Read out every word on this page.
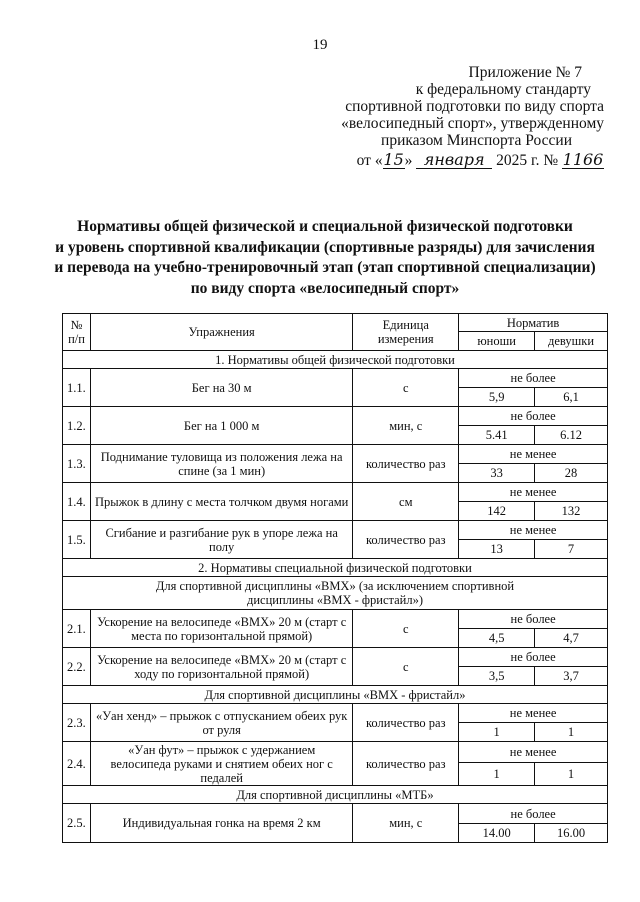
19
Приложение № 7
к федеральному стандарту
спортивной подготовки по виду спорта
«велосипедный спорт», утвержденному
приказом Минспорта России
от «15» января 2025 г. № 1166
Нормативы общей физической и специальной физической подготовки
и уровень спортивной квалификации (спортивные разряды) для зачисления
и перевода на учебно-тренировочный этап (этап спортивной специализации)
по виду спорта «велосипедный спорт»
№ п/п	Упражнения	Единица измерения	Норматив	
			юноши	девушки
1. Нормативы общей физической подготовки				
1.1.	Бег на 30 м	с	не более	
			5,9	6,1
1.2.	Бег на 1 000 м	мин, с	не более	
			5.41	6.12
1.3.	Поднимание туловища из положения лежа на спине (за 1 мин)	количество раз	не менее	
			33	28
1.4.	Прыжок в длину с места толчком двумя ногами	см	не менее	
			142	132
1.5.	Сгибание и разгибание рук в упоре лежа на полу	количество раз	не менее	
			13	7
2. Нормативы специальной физической подготовки				
Для спортивной дисциплины «BMX» (за исключением спортивной дисциплины «BMX - фристайл»)				
2.1.	Ускорение на велосипеде «BMX» 20 м (старт с места по горизонтальной прямой)	с	не более	
			4,5	4,7
2.2.	Ускорение на велосипеде «BMX» 20 м (старт с ходу по горизонтальной прямой)	с	не более	
			3,5	3,7
Для спортивной дисциплины «BMX - фристайл»				
2.3.	«Уан хенд» – прыжок с отпусканием обеих рук от руля	количество раз	не менее	
			1	1
2.4.	«Уан фут» – прыжок с удержанием велосипеда руками и снятием обеих ног с педалей	количество раз	не менее	
			1	1
Для спортивной дисциплины «МТБ»				
2.5.	Индивидуальная гонка на время 2 км	мин, с	не более	
			14.00	16.00
